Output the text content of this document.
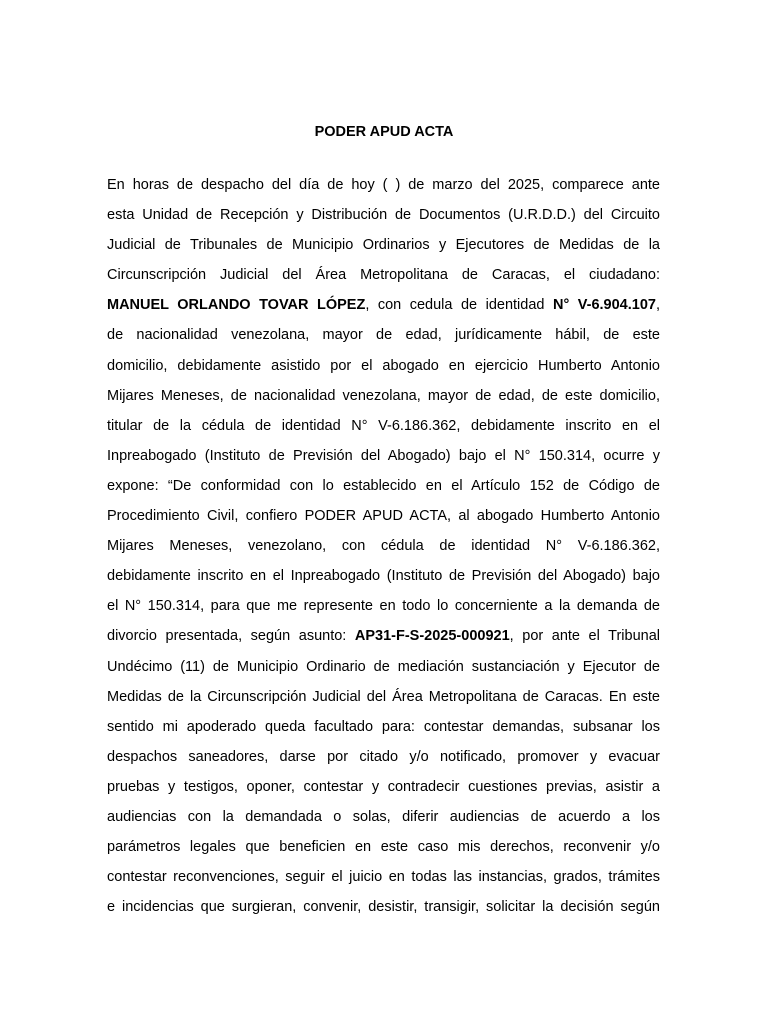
PODER APUD ACTA
En horas de despacho del día de hoy ( ) de marzo del 2025, comparece ante
esta Unidad de Recepción y Distribución de Documentos (U.R.D.D.) del Circuito
Judicial de Tribunales de Municipio Ordinarios y Ejecutores de Medidas de la
Circunscripción Judicial del Área Metropolitana de Caracas, el ciudadano:
MANUEL ORLANDO TOVAR LÓPEZ, con cedula de identidad N° V-6.904.107,
de nacionalidad venezolana, mayor de edad, jurídicamente hábil, de este
domicilio, debidamente asistido por el abogado en ejercicio Humberto Antonio
Mijares Meneses, de nacionalidad venezolana, mayor de edad, de este domicilio,
titular de la cédula de identidad N° V-6.186.362, debidamente inscrito en el
Inpreabogado (Instituto de Previsión del Abogado) bajo el N° 150.314, ocurre y
expone: “De conformidad con lo establecido en el Artículo 152 de Código de
Procedimiento Civil, confiero PODER APUD ACTA, al abogado Humberto Antonio
Mijares Meneses, venezolano, con cédula de identidad N° V-6.186.362,
debidamente inscrito en el Inpreabogado (Instituto de Previsión del Abogado) bajo
el N° 150.314, para que me represente en todo lo concerniente a la demanda de
divorcio presentada, según asunto: AP31-F-S-2025-000921, por ante el Tribunal
Undécimo (11) de Municipio Ordinario de mediación sustanciación y Ejecutor de
Medidas de la Circunscripción Judicial del Área Metropolitana de Caracas. En este
sentido mi apoderado queda facultado para: contestar demandas, subsanar los
despachos saneadores, darse por citado y/o notificado, promover y evacuar
pruebas y testigos, oponer, contestar y contradecir cuestiones previas, asistir a
audiencias con la demandada o solas, diferir audiencias de acuerdo a los
parámetros legales que beneficien en este caso mis derechos, reconvenir y/o
contestar reconvenciones, seguir el juicio en todas las instancias, grados, trámites
e incidencias que surgieran, convenir, desistir, transigir, solicitar la decisión según
